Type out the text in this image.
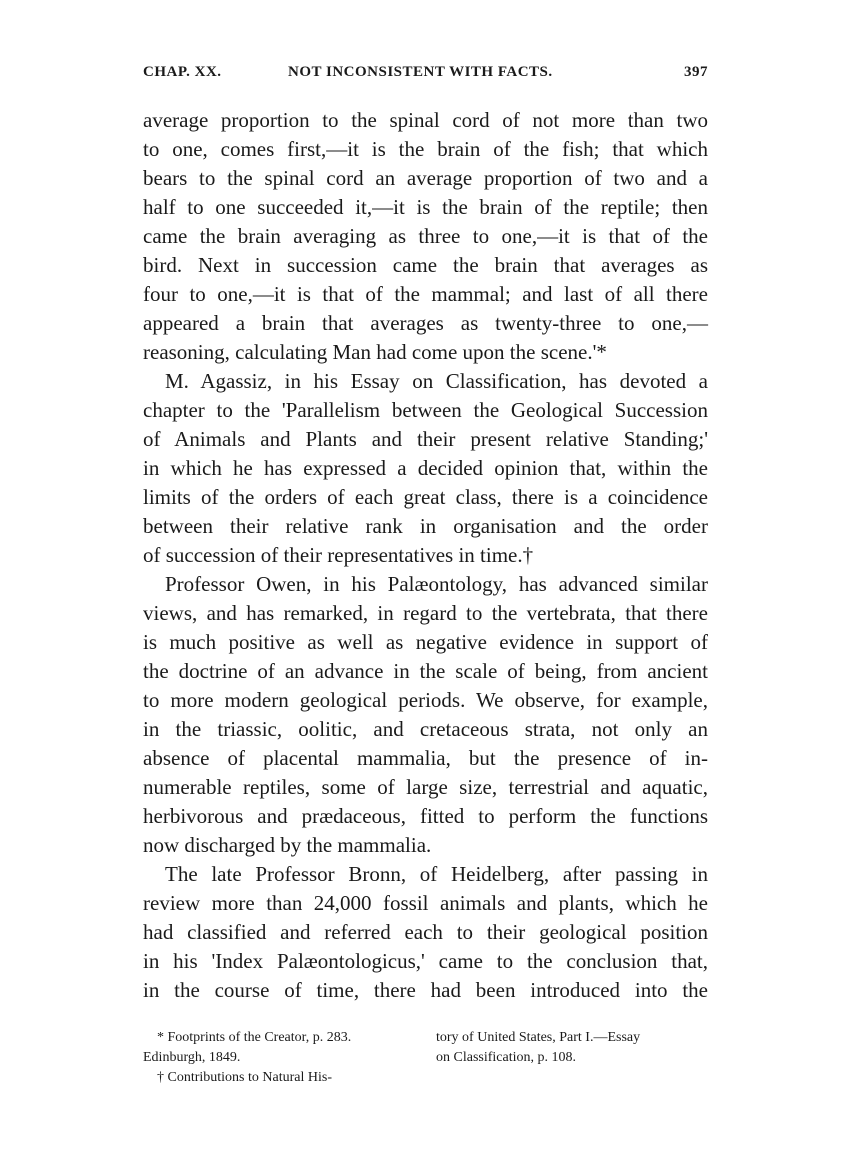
CHAP. XX.	NOT INCONSISTENT WITH FACTS.	397
average proportion to the spinal cord of not more than two
to one, comes first,—it is the brain of the fish; that which
bears to the spinal cord an average proportion of two and a
half to one succeeded it,—it is the brain of the reptile; then
came the brain averaging as three to one,—it is that of the
bird. Next in succession came the brain that averages as
four to one,—it is that of the mammal; and last of all there
appeared a brain that averages as twenty-three to one,—
reasoning, calculating Man had come upon the scene.'*
M. Agassiz, in his Essay on Classification, has devoted a
chapter to the 'Parallelism between the Geological Succession
of Animals and Plants and their present relative Standing;'
in which he has expressed a decided opinion that, within the
limits of the orders of each great class, there is a coincidence
between their relative rank in organisation and the order
of succession of their representatives in time.†
Professor Owen, in his Palæontology, has advanced similar
views, and has remarked, in regard to the vertebrata, that there
is much positive as well as negative evidence in support of
the doctrine of an advance in the scale of being, from ancient
to more modern geological periods. We observe, for example,
in the triassic, oolitic, and cretaceous strata, not only an
absence of placental mammalia, but the presence of in-
numerable reptiles, some of large size, terrestrial and aquatic,
herbivorous and prædaceous, fitted to perform the functions
now discharged by the mammalia.
The late Professor Bronn, of Heidelberg, after passing in
review more than 24,000 fossil animals and plants, which he
had classified and referred each to their geological position
in his 'Index Palæontologicus,' came to the conclusion that,
in the course of time, there had been introduced into the
* Footprints of the Creator, p. 283.
Edinburgh, 1849.
† Contributions to Natural His-
tory of United States, Part I.—Essay
on Classification, p. 108.
